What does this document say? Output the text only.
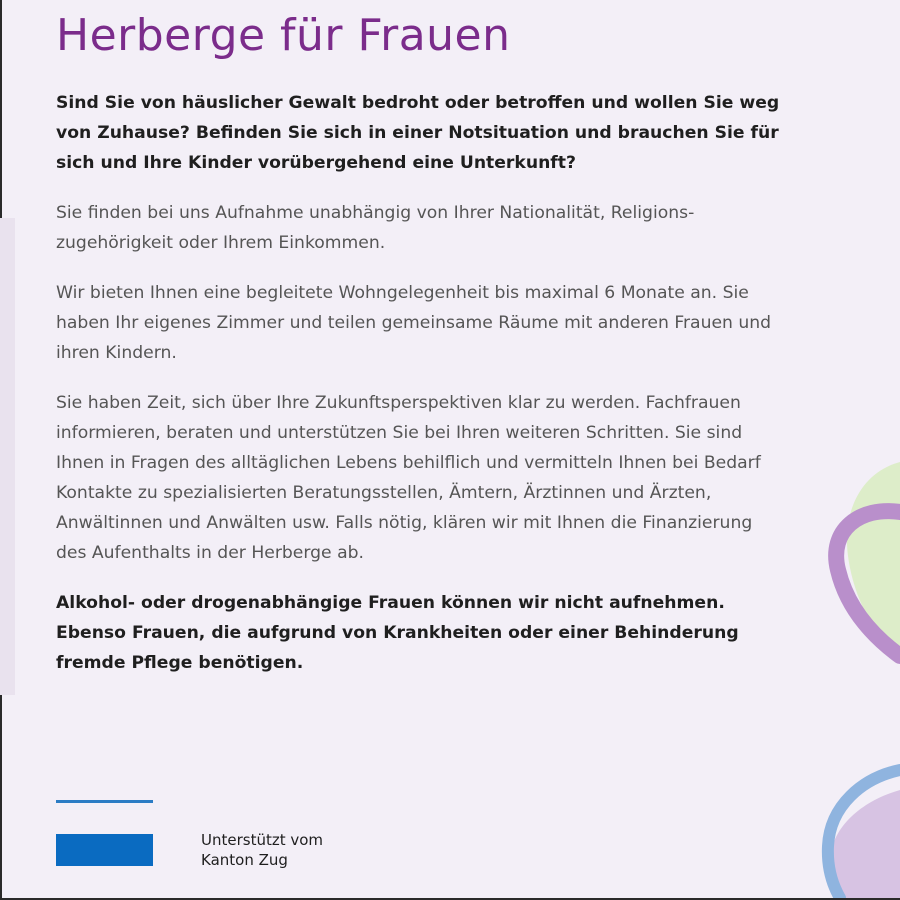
Herberge für Frauen

Sind Sie von häuslicher Gewalt bedroht oder betroffen und wollen Sie weg von Zuhause? Befinden Sie sich in einer Notsituation und brauchen Sie für sich und Ihre Kinder vorübergehend eine Unterkunft?

Sie finden bei uns Aufnahme unabhängig von Ihrer Nationalität, Religions-zugehörigkeit oder Ihrem Einkommen.

Wir bieten Ihnen eine begleitete Wohngelegenheit bis maximal 6 Monate an. Sie haben Ihr eigenes Zimmer und teilen gemeinsame Räume mit anderen Frauen und ihren Kindern.

Sie haben Zeit, sich über Ihre Zukunftsperspektiven klar zu werden. Fachfrauen informieren, beraten und unterstützen Sie bei Ihren weiteren Schritten. Sie sind Ihnen in Fragen des alltäglichen Lebens behilflich und vermitteln Ihnen bei Bedarf Kontakte zu spezialisierten Beratungsstellen, Ämtern, Ärztinnen und Ärzten, Anwältinnen und Anwälten usw. Falls nötig, klären wir mit Ihnen die Finanzierung des Aufenthalts in der Herberge ab.

Alkohol- oder drogenabhängige Frauen können wir nicht aufnehmen. Ebenso Frauen, die aufgrund von Krankheiten oder einer Behinderung fremde Pflege benötigen.

Unterstützt vom
Kanton Zug
